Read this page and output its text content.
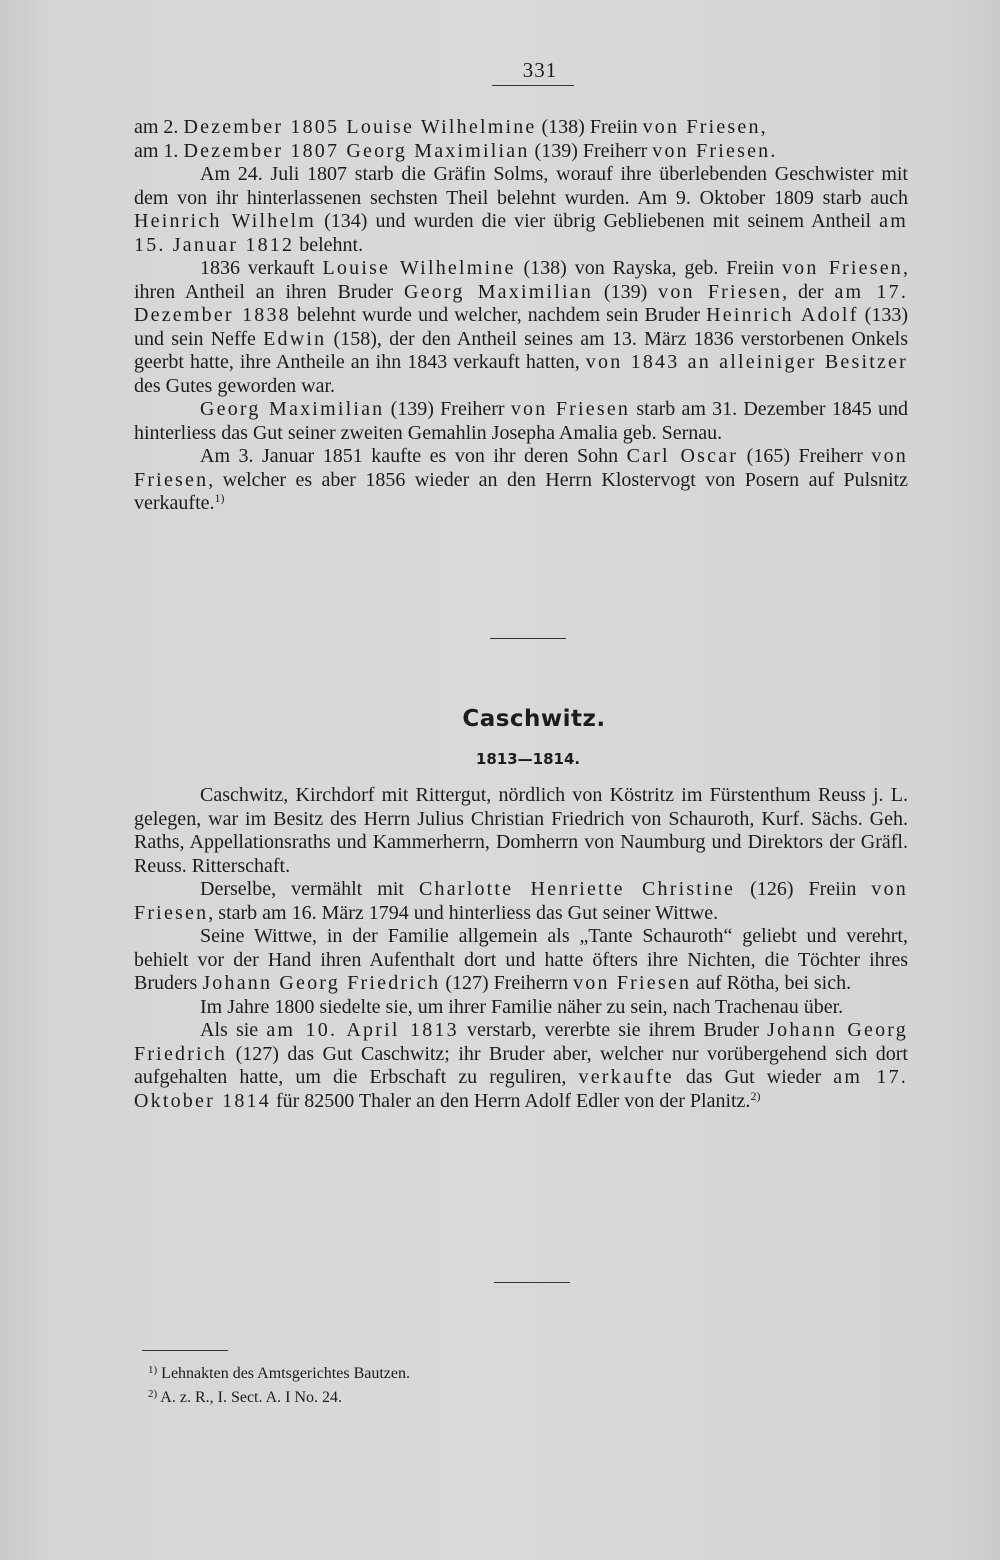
331

am 2. Dezember 1805 Louise Wilhelmine (138) Freiin von Friesen,

am 1. Dezember 1807 Georg Maximilian (139) Freiherr von Friesen.

Am 24. Juli 1807 starb die Gräfin Solms, worauf ihre überlebenden Geschwister mit dem von ihr hinterlassenen sechsten Theil belehnt wurden. Am 9. Oktober 1809 starb auch Heinrich Wilhelm (134) und wurden die vier übrig Gebliebenen mit seinem Antheil am 15. Januar 1812 belehnt.

1836 verkauft Louise Wilhelmine (138) von Rayska, geb. Freiin von Friesen, ihren Antheil an ihren Bruder Georg Maximilian (139) von Friesen, der am 17. Dezember 1838 belehnt wurde und welcher, nachdem sein Bruder Heinrich Adolf (133) und sein Neffe Edwin (158), der den Antheil seines am 13. März 1836 verstorbenen Onkels geerbt hatte, ihre Antheile an ihn 1843 verkauft hatten, von 1843 an alleiniger Besitzer des Gutes geworden war.

Georg Maximilian (139) Freiherr von Friesen starb am 31. Dezember 1845 und hinterliess das Gut seiner zweiten Gemahlin Josepha Amalia geb. Sernau.

Am 3. Januar 1851 kaufte es von ihr deren Sohn Carl Oscar (165) Freiherr von Friesen, welcher es aber 1856 wieder an den Herrn Klostervogt von Posern auf Pulsnitz verkaufte.$^{1)}$

Caschwitz.
1813—1814.

Caschwitz, Kirchdorf mit Rittergut, nördlich von Köstritz im Fürstenthum Reuss j. L. gelegen, war im Besitz des Herrn Julius Christian Friedrich von Schauroth, Kurf. Sächs. Geh. Raths, Appellationsraths und Kammerherrn, Domherrn von Naumburg und Direktors der Gräfl. Reuss. Ritterschaft.

Derselbe, vermählt mit Charlotte Henriette Christine (126) Freiin von Friesen, starb am 16. März 1794 und hinterliess das Gut seiner Wittwe.

Seine Wittwe, in der Familie allgemein als „Tante Schauroth“ geliebt und verehrt, behielt vor der Hand ihren Aufenthalt dort und hatte öfters ihre Nichten, die Töchter ihres Bruders Johann Georg Friedrich (127) Freiherrn von Friesen auf Rötha, bei sich.

Im Jahre 1800 siedelte sie, um ihrer Familie näher zu sein, nach Trachenau über.

Als sie am 10. April 1813 verstarb, vererbte sie ihrem Bruder Johann Georg Friedrich (127) das Gut Caschwitz; ihr Bruder aber, welcher nur vorübergehend sich dort aufgehalten hatte, um die Erbschaft zu reguliren, verkaufte das Gut wieder am 17. Oktober 1814 für 82500 Thaler an den Herrn Adolf Edler von der Planitz.$^{2)}$

$^{1)}$ Lehnakten des Amtsgerichtes Bautzen.
$^{2)}$ A. z. R., I. Sect. A. I No. 24.
